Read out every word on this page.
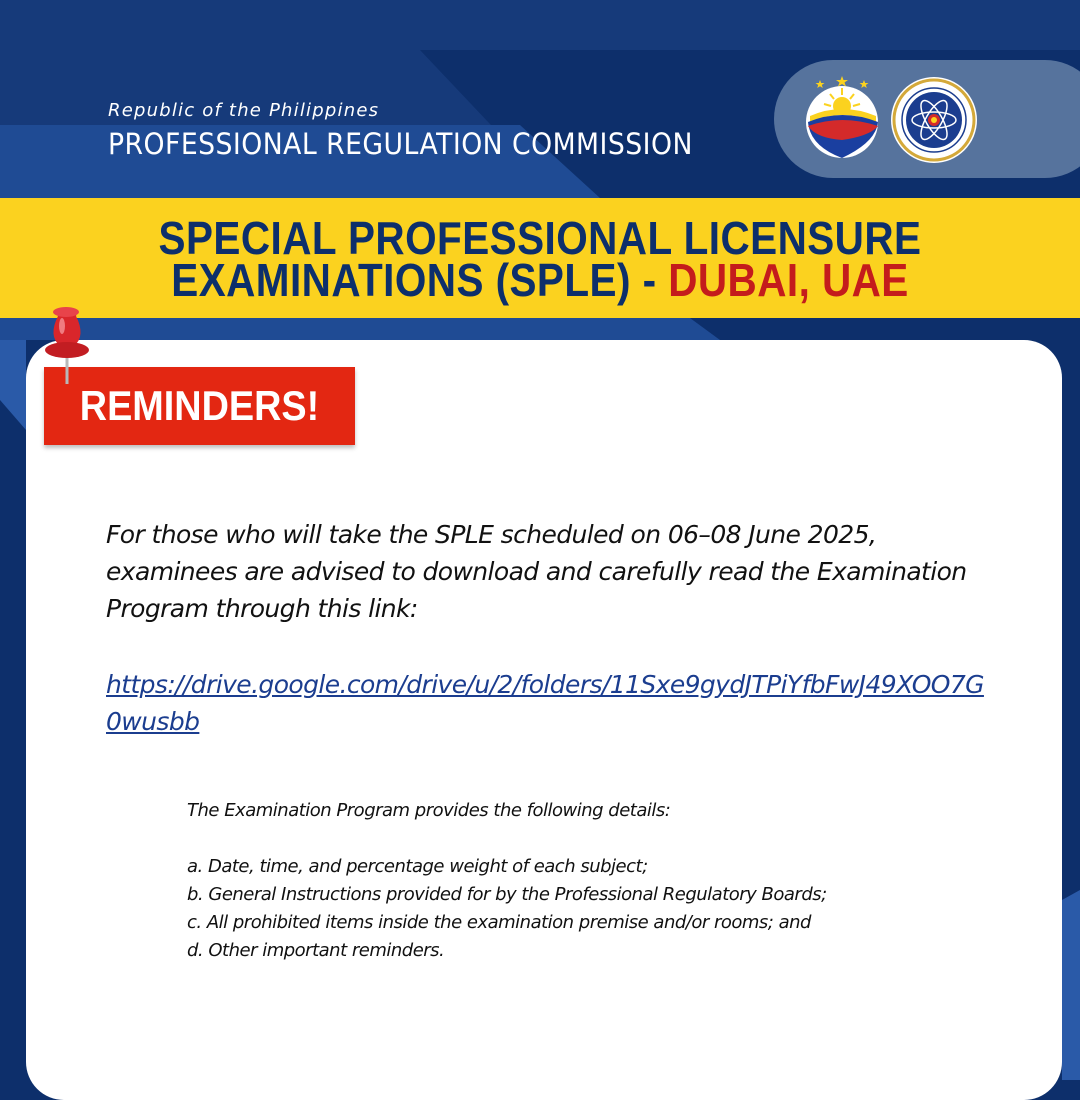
Republic of the Philippines

PROFESSIONAL REGULATION COMMISSION
SPECIAL PROFESSIONAL LICENSURE
EXAMINATIONS (SPLE) - DUBAI, UAE
REMINDERS!

For those who will take the SPLE scheduled on 06–08 June 2025, examinees are advised to download and carefully read the Examination Program through this link:

https://drive.google.com/drive/u/2/folders/11Sxe9gydJTPiYfbFwJ49XOO7G0wusbb

The Examination Program provides the following details:

a. Date, time, and percentage weight of each subject;
b. General Instructions provided for by the Professional Regulatory Boards;
c. All prohibited items inside the examination premise and/or rooms; and
d. Other important reminders.
